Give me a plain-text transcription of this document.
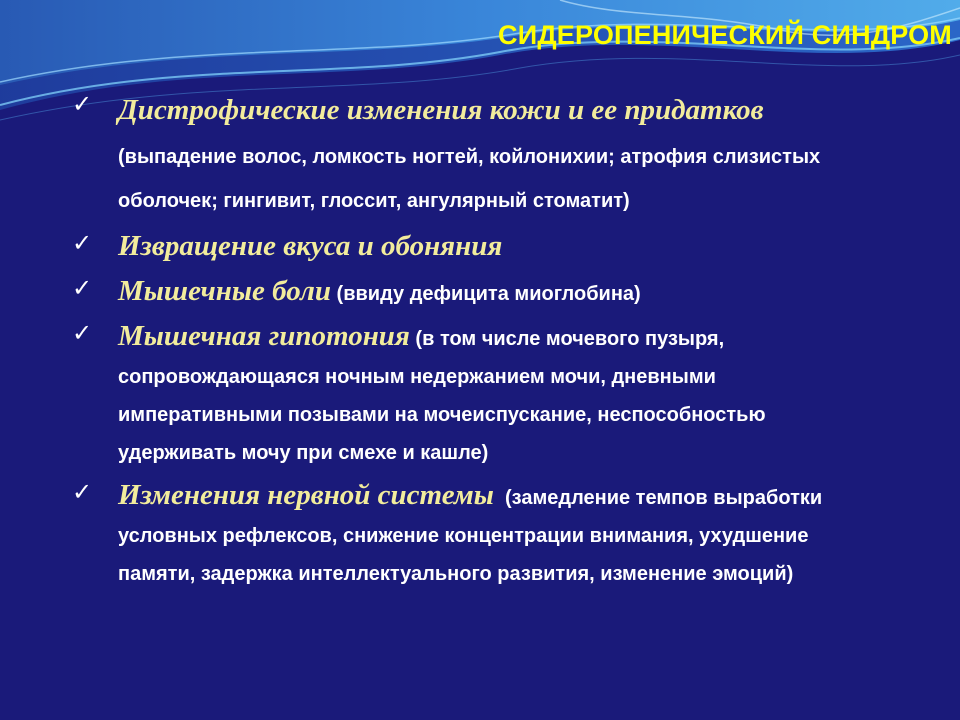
СИДЕРОПЕНИЧЕСКИЙ СИНДРОМ
✓ Дистрофические изменения кожи и ее придатков (выпадение волос, ломкость ногтей, койлонихии; атрофия слизистых оболочек; гингивит, глоссит, ангулярный стоматит)

✓ Извращение вкуса и обоняния

✓ Мышечные боли (ввиду дефицита миоглобина)

✓ Мышечная гипотония (в том числе мочевого пузыря, сопровождающаяся ночным недержанием мочи, дневными императивными позывами на мочеиспускание, неспособностью удерживать мочу при смехе и кашле)

✓ Изменения нервной системы  (замедление темпов выработки условных рефлексов, снижение концентрации внимания, ухудшение памяти, задержка интеллектуального развития, изменение эмоций)
